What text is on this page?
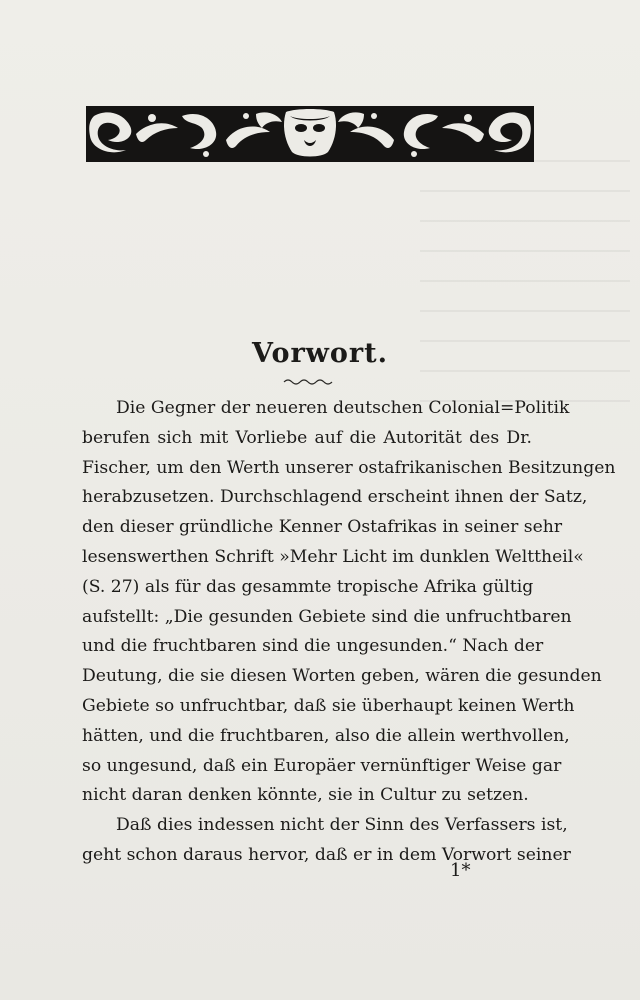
Vorwort.
Die Gegner der neueren deutschen Colonial=Politik
berufen sich mit Vorliebe auf die Autorität des Dr.
Fischer, um den Werth unserer ostafrikanischen Besitzungen
herabzusetzen. Durchschlagend erscheint ihnen der Satz,
den dieser gründliche Kenner Ostafrikas in seiner sehr
lesenswerthen Schrift »Mehr Licht im dunklen Welttheil«
(S. 27) als für das gesammte tropische Afrika gültig
aufstellt: „Die gesunden Gebiete sind die unfruchtbaren
und die fruchtbaren sind die ungesunden.“ Nach der
Deutung, die sie diesen Worten geben, wären die gesunden
Gebiete so unfruchtbar, daß sie überhaupt keinen Werth
hätten, und die fruchtbaren, also die allein werthvollen,
so ungesund, daß ein Europäer vernünftiger Weise gar
nicht daran denken könnte, sie in Cultur zu setzen.
Daß dies indessen nicht der Sinn des Verfassers ist,
geht schon daraus hervor, daß er in dem Vorwort seiner
1*
